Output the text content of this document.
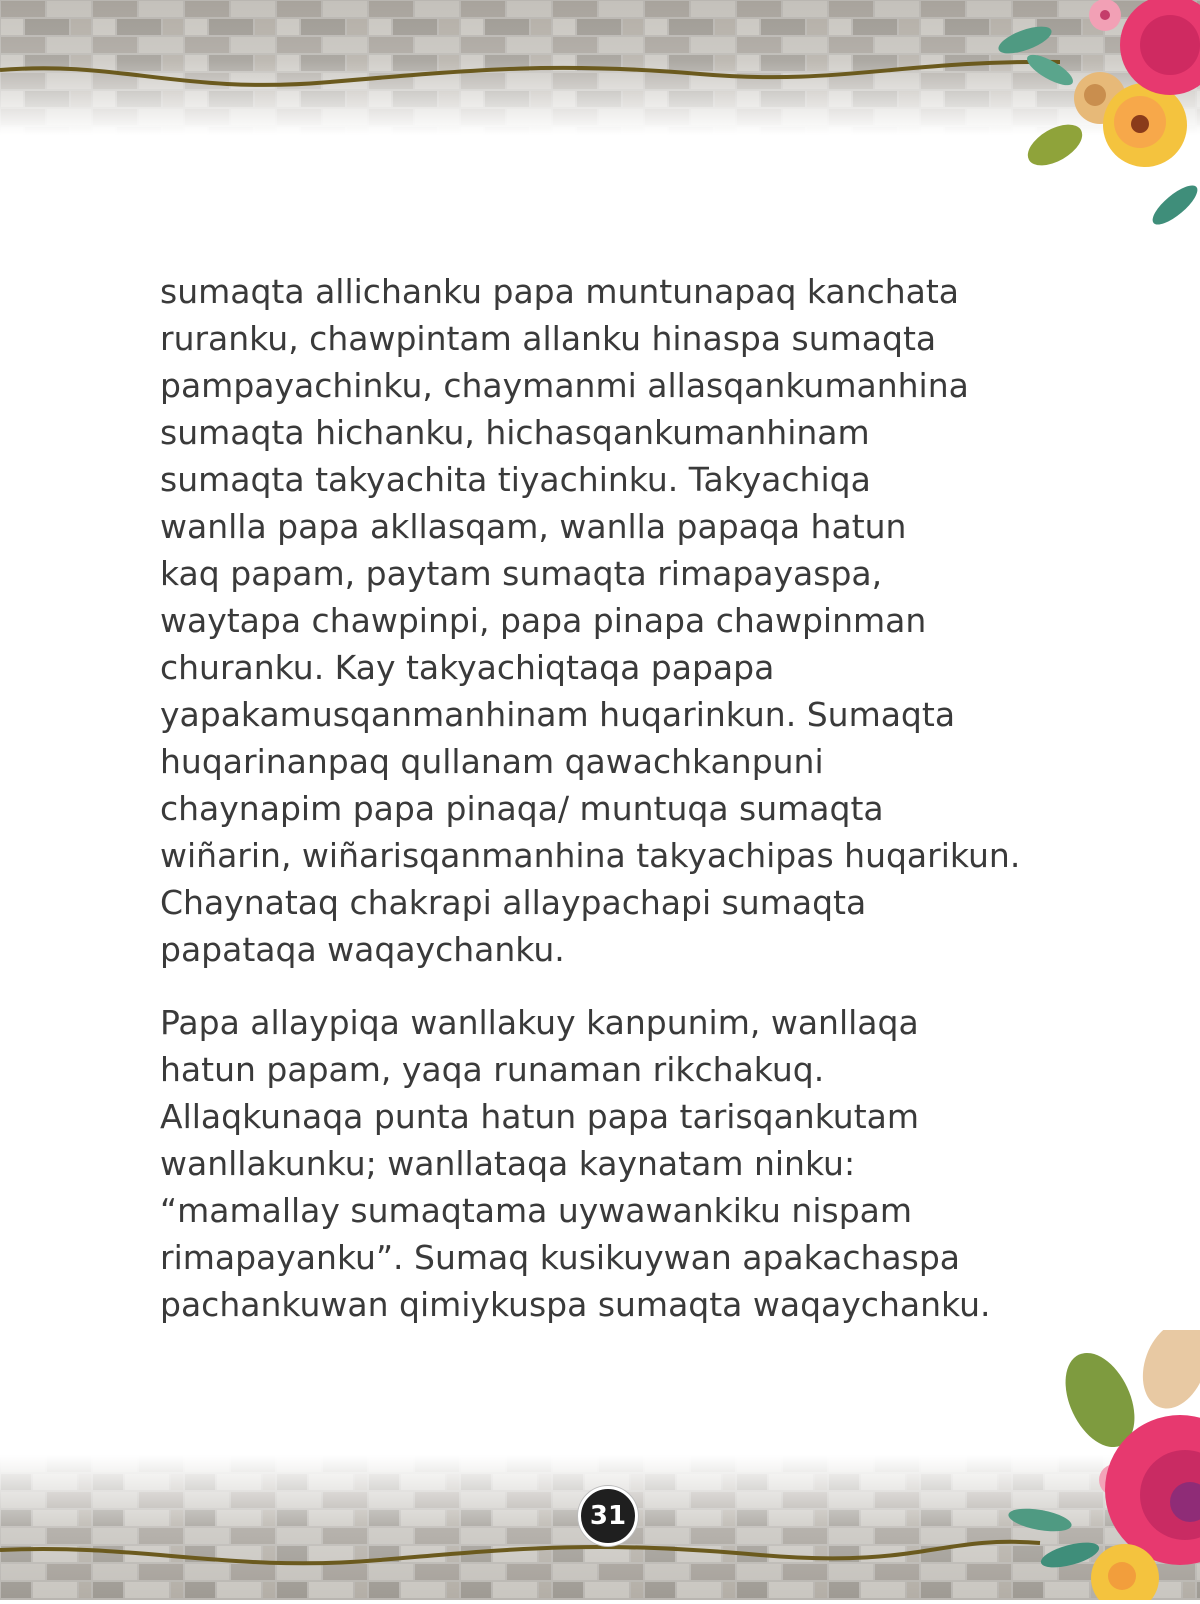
sumaqta allichanku papa muntunapaq kanchata
ruranku, chawpintam allanku hinaspa sumaqta
pampayachinku, chaymanmi allasqankumanhina
sumaqta hichanku, hichasqankumanhinam
sumaqta takyachita tiyachinku. Takyachiqa
wanlla papa akllasqam, wanlla papaqa hatun
kaq papam, paytam sumaqta rimapayaspa,
waytapa chawpinpi, papa pinapa chawpinman
churanku. Kay takyachiqtaqa papapa
yapakamusqanmanhinam huqarinkun. Sumaqta
huqarinanpaq qullanam qawachkanpuni
chaynapim papa pinaqa/ muntuqa sumaqta
wiñarin, wiñarisqanmanhina takyachipas huqarikun.
Chaynataq chakrapi allaypachapi sumaqta
papataqa waqaychanku.

Papa allaypiqa wanllakuy kanpunim, wanllaqa
hatun papam, yaqa runaman rikchakuq.
Allaqkunaqa punta hatun papa tarisqankutam
wanllakunku; wanllataqa kaynatam ninku:
“mamallay sumaqtama uywawankiku nispam
rimapayanku”. Sumaq kusikuywan apakachaspa
pachankuwan qimiykuspa sumaqta waqaychanku.

31
